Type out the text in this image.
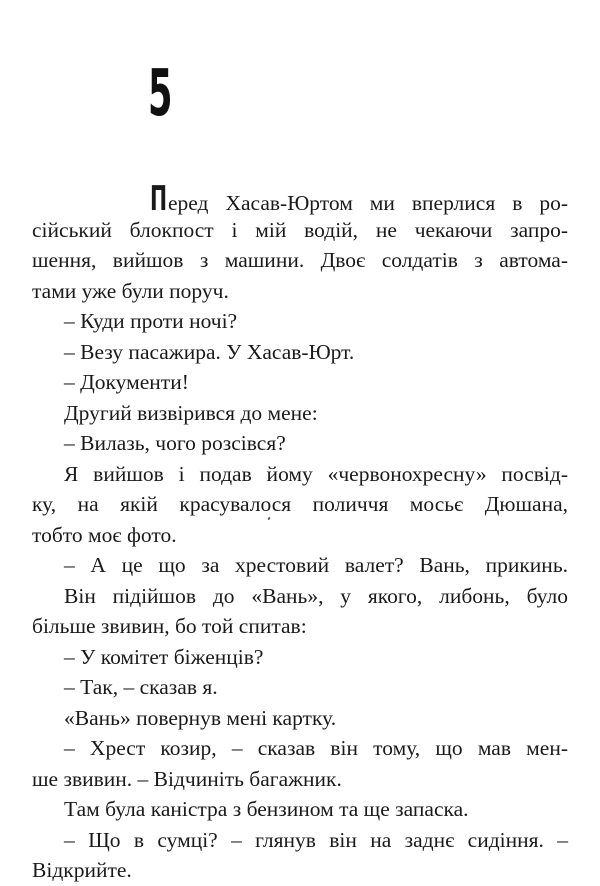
5
Перед Хасав-Юртом ми вперлися в ро-
сійський блокпост і мій водій, не чекаючи запро-
шення, вийшов з машини. Двоє солдатів з автома-
тами уже були поруч.
– Куди проти ночі?
– Везу пасажира. У Хасав-Юрт.
– Документи!
Другий визвірився до мене:
– Вилазь, чого розсівся?
Я вийшов і подав йому «червонохресну» посвід-
ку, на якій красувалося поличчя мосьє Дюшана,
тобто моє фото.
– А це що за хрестовий валет? Вань, прикинь.
Він підійшов до «Вань», у якого, либонь, було
більше звивин, бо той спитав:
– У комітет біженців?
– Так, – сказав я.
«Вань» повернув мені картку.
– Хрест козир, – сказав він тому, що мав мен-
ше звивин. – Відчиніть багажник.
Там була каністра з бензином та ще запаска.
– Що в сумці? – глянув він на заднє сидіння. –
Відкрийте.
